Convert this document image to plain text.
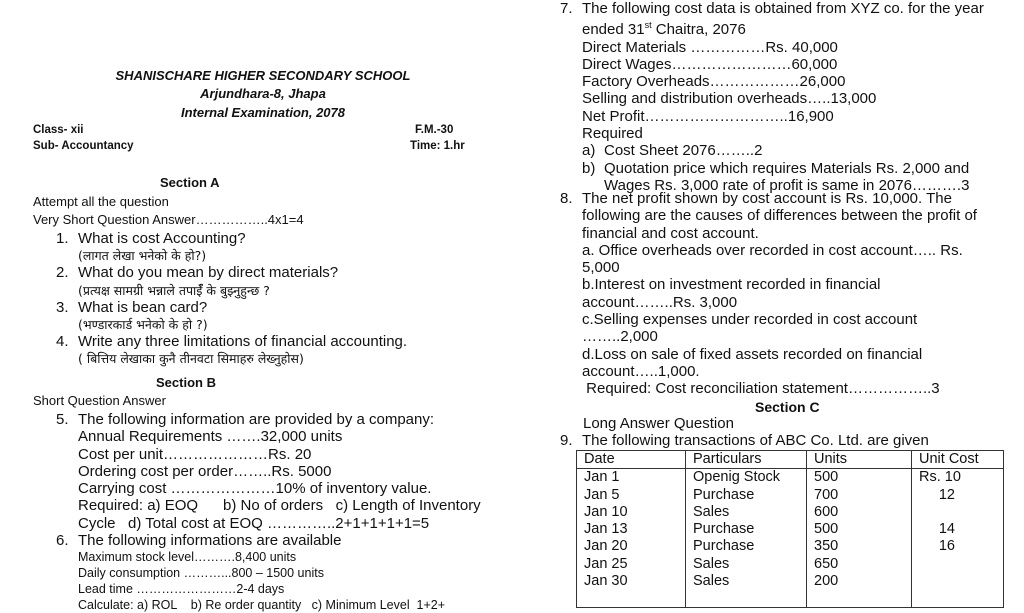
SHANISCHARE HIGHER SECONDARY SCHOOL
Arjundhara-8, Jhapa
Internal Examination, 2078
Class- xii
Sub- Accountancy
F.M.-30
Time: 1.hr
Section A
Attempt all the question
Very Short Question Answer……………..4x1=4
1. What is cost Accounting?
(लागत लेखा भनेको के हो?)
2. What do you mean by direct materials?
(प्रत्यक्ष सामग्री भन्नाले तपाईँ के बुझ्नुहुन्छ ?
3. What is bean card?
(भण्डारकार्ड भनेको के हो ?)
4. Write any three limitations of financial accounting.
( बित्तिय लेखाका कुनै तीनवटा सिमाहरु लेख्नुहोस)
Section B
Short Question Answer
5. The following information are provided by a company:
Annual Requirements …….32,000 units
Cost per unit…………………Rs. 20
Ordering cost per order……..Rs. 5000
Carrying cost …………………10% of inventory value.
Required: a) EOQ      b) No of orders   c) Length of Inventory
Cycle   d) Total cost at EOQ …………..2+1+1+1+1=5
6. The following informations are available
Maximum stock level……….8,400 units
Daily consumption ………...800 – 1500 units
Lead time ……………………2-4 days
Calculate: a) ROL    b) Re order quantity   c) Minimum Level  1+2+
7. The following cost data is obtained from XYZ co. for the year
ended 31st Chaitra, 2076
Direct Materials ……………Rs. 40,000
Direct Wages……………………60,000
Factory Overheads………………26,000
Selling and distribution overheads…..13,000
Net Profit………………………..16,900
Required
a) Cost Sheet 2076……..2
b) Quotation price which requires Materials Rs. 2,000 and
Wages Rs. 3,000 rate of profit is same in 2076……….3
8. The net profit shown by cost account is Rs. 10,000. The
following are the causes of differences between the profit of
financial and cost account.
a. Office overheads over recorded in cost account….. Rs.
5,000
b.Interest on investment recorded in financial
account……..Rs. 3,000
c.Selling expenses under recorded in cost account
……..2,000
d.Loss on sale of fixed assets recorded on financial
account…..1,000.
Required: Cost reconciliation statement……………..3
Section C
Long Answer Question
9. The following transactions of ABC Co. Ltd. are given
Date	Particulars	Units	Unit Cost
Jan 1	Openig Stock	500	Rs. 10
Jan 5	Purchase	700	12
Jan 10	Sales	600	
Jan 13	Purchase	500	14
Jan 20	Purchase	350	16
Jan 25	Sales	650	
Jan 30	Sales	200	
